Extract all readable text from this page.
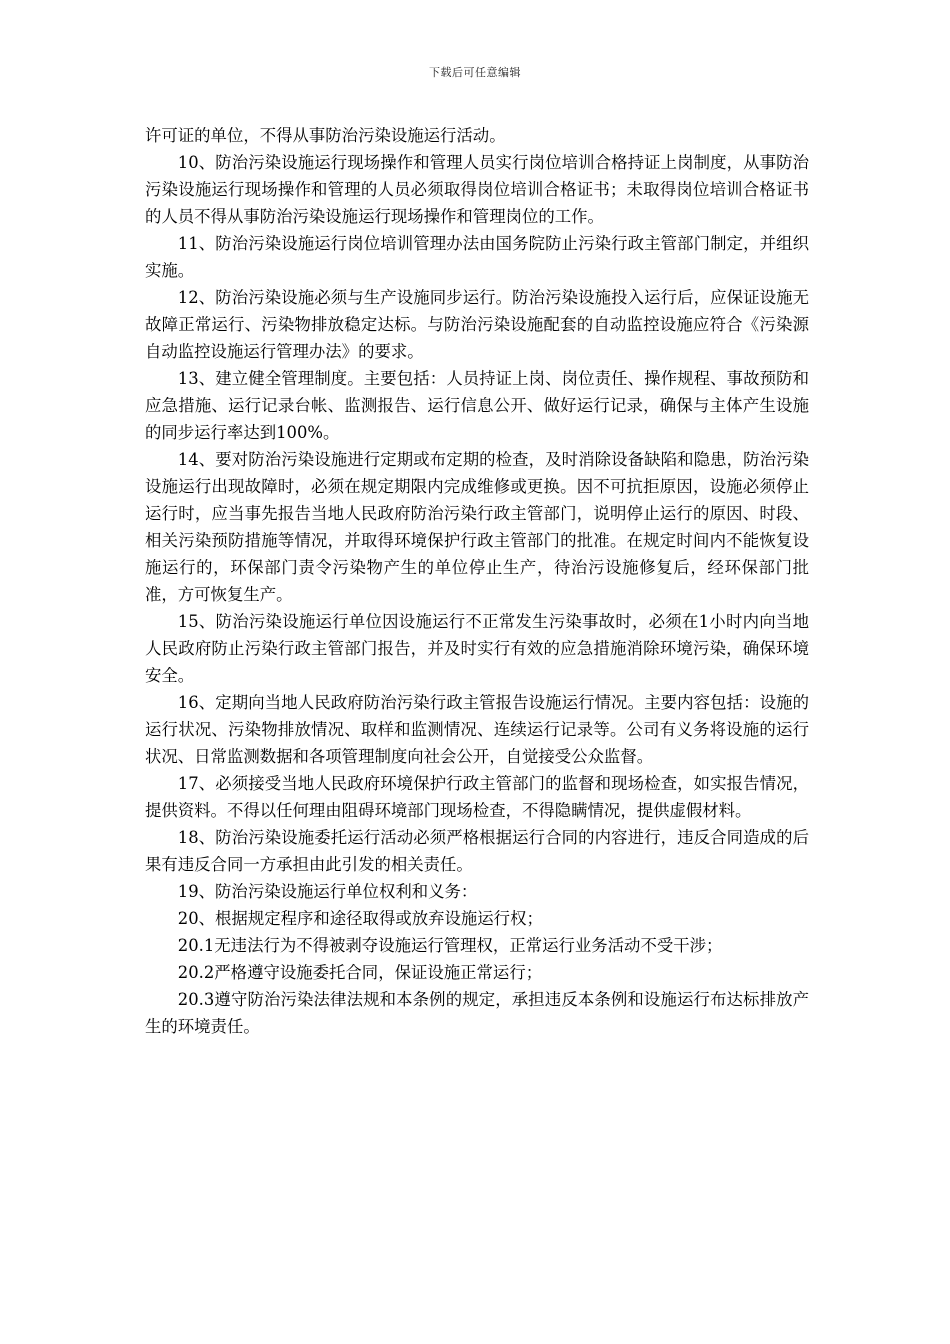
下载后可任意编辑

许可证的单位，不得从事防治污染设施运行活动。

10、防治污染设施运行现场操作和管理人员实行岗位培训合格持证上岗制度，从事防治污染设施运行现场操作和管理的人员必须取得岗位培训合格证书；未取得岗位培训合格证书的人员不得从事防治污染设施运行现场操作和管理岗位的工作。

11、防治污染设施运行岗位培训管理办法由国务院防止污染行政主管部门制定，并组织实施。

12、防治污染设施必须与生产设施同步运行。防治污染设施投入运行后，应保证设施无故障正常运行、污染物排放稳定达标。与防治污染设施配套的自动监控设施应符合《污染源自动监控设施运行管理办法》的要求。

13、建立健全管理制度。主要包括：人员持证上岗、岗位责任、操作规程、事故预防和应急措施、运行记录台帐、监测报告、运行信息公开、做好运行记录，确保与主体产生设施的同步运行率达到100%。

14、要对防治污染设施进行定期或布定期的检查，及时消除设备缺陷和隐患，防治污染设施运行出现故障时，必须在规定期限内完成维修或更换。因不可抗拒原因，设施必须停止运行时，应当事先报告当地人民政府防治污染行政主管部门，说明停止运行的原因、时段、相关污染预防措施等情况，并取得环境保护行政主管部门的批准。在规定时间内不能恢复设施运行的，环保部门责令污染物产生的单位停止生产，待治污设施修复后，经环保部门批准，方可恢复生产。

15、防治污染设施运行单位因设施运行不正常发生污染事故时，必须在1小时内向当地人民政府防止污染行政主管部门报告，并及时实行有效的应急措施消除环境污染，确保环境安全。

16、定期向当地人民政府防治污染行政主管报告设施运行情况。主要内容包括：设施的运行状况、污染物排放情况、取样和监测情况、连续运行记录等。公司有义务将设施的运行状况、日常监测数据和各项管理制度向社会公开，自觉接受公众监督。

17、必须接受当地人民政府环境保护行政主管部门的监督和现场检查，如实报告情况，提供资料。不得以任何理由阻碍环境部门现场检查，不得隐瞒情况，提供虚假材料。

18、防治污染设施委托运行活动必须严格根据运行合同的内容进行，违反合同造成的后果有违反合同一方承担由此引发的相关责任。

19、防治污染设施运行单位权利和义务：

20、根据规定程序和途径取得或放弃设施运行权；

20.1无违法行为不得被剥夺设施运行管理权，正常运行业务活动不受干涉；

20.2严格遵守设施委托合同，保证设施正常运行；

20.3遵守防治污染法律法规和本条例的规定，承担违反本条例和设施运行布达标排放产生的环境责任。
